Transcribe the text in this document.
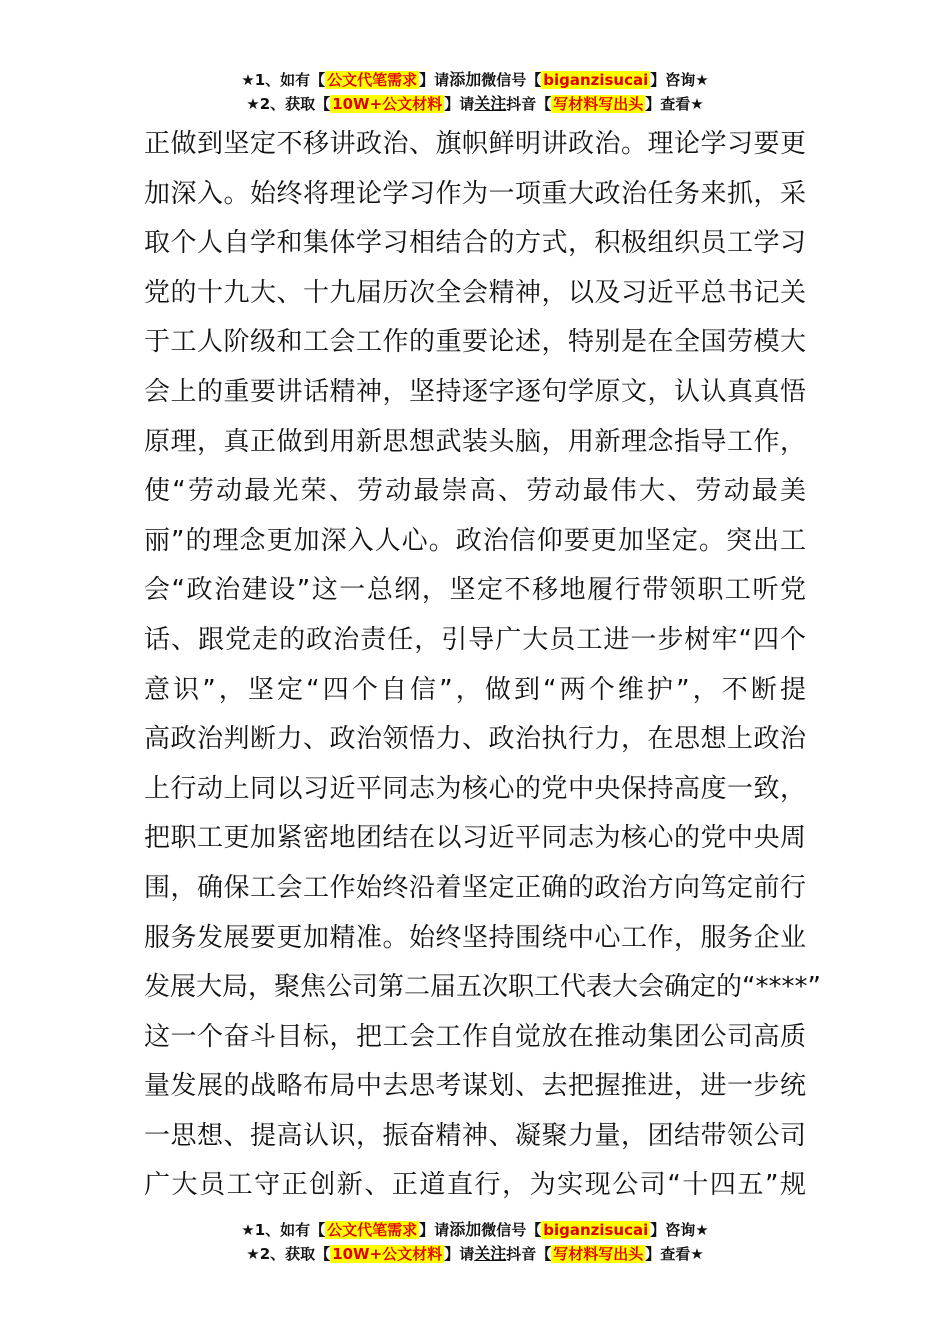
★1、如有【 公文代笔需求 】请添加微信号【 biganzisucai 】咨询★
★2、获取【 10W+公文材料 】请关注抖音【 写材料写出头 】查看★
正做到坚定不移讲政治、旗帜鲜明讲政治。理论学习要更
加深入。始终将理论学习作为一项重大政治任务来抓，采
取个人自学和集体学习相结合的方式，积极组织员工学习
党的十九大、十九届历次全会精神，以及习近平总书记关
于工人阶级和工会工作的重要论述，特别是在全国劳模大
会上的重要讲话精神，坚持逐字逐句学原文，认认真真悟
原理，真正做到用新思想武装头脑，用新理念指导工作，
使“劳动最光荣、劳动最崇高、劳动最伟大、劳动最美
丽”的理念更加深入人心。政治信仰要更加坚定。突出工
会“政治建设”这一总纲，坚定不移地履行带领职工听党
话、跟党走的政治责任，引导广大员工进一步树牢“四个
意识”，坚定“四个自信”，做到“两个维护”，不断提
高政治判断力、政治领悟力、政治执行力，在思想上政治
上行动上同以习近平同志为核心的党中央保持高度一致，
把职工更加紧密地团结在以习近平同志为核心的党中央周
围，确保工会工作始终沿着坚定正确的政治方向笃定前行
服务发展要更加精准。始终坚持围绕中心工作，服务企业
发展大局，聚焦公司第二届五次职工代表大会确定的“****”
这一个奋斗目标，把工会工作自觉放在推动集团公司高质
量发展的战略布局中去思考谋划、去把握推进，进一步统
一思想、提高认识，振奋精神、凝聚力量，团结带领公司
广大员工守正创新、正道直行，为实现公司“十四五”规
★1、如有【 公文代笔需求 】请添加微信号【 biganzisucai 】咨询★
★2、获取【 10W+公文材料 】请关注抖音【 写材料写出头 】查看★
